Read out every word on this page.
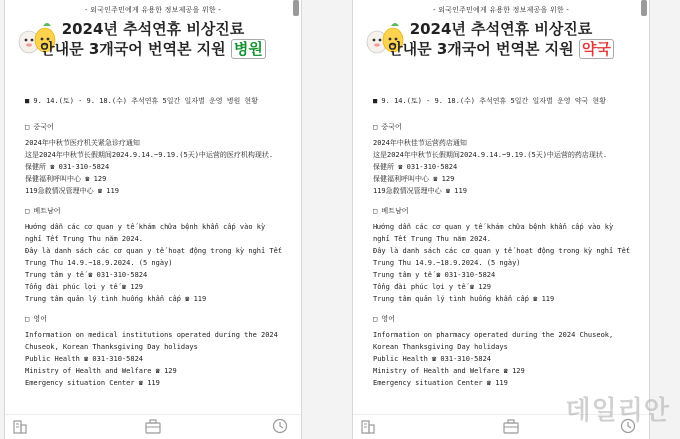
- 외국인주민에게 유용한 정보제공을 위한 -
2024년 추석연휴 비상진료
안내문 3개국어 번역본 지원 병원
■ 9. 14.(토) - 9. 18.(수) 추석연휴 5일간 일자별 운영 병원 현황
□ 중국어
2024年中秋节医疗机关紧急诊疗通知
这是2024年中秋节长假期间2024.9.14.~9.19.(5天)中运营的医疗机构现状.
保健所 ☎ 031-310-5824
保健福利呼叫中心 ☎ 129
119急救情况管理中心 ☎ 119
□ 베트남어
Hướng dẫn các cơ quan y tế khám chữa bệnh khẩn cấp vào kỳ
nghỉ Tết Trung Thu năm 2024.
Đây là danh sách các cơ quan y tế hoạt động trong kỳ nghỉ Tết
Trung Thu 14.9.~18.9.2024. (5 ngày)
Trung tâm y tế ☎ 031-310-5824
Tổng đài phúc lợi y tế ☎ 129
Trung tâm quản lý tình huống khẩn cấp ☎ 119
□ 영어
Information on medical institutions operated during the 2024
Chuseok, Korean Thanksgiving Day holidays
Public Health ☎ 031-310-5824
Ministry of Health and Welfare ☎ 129
Emergency situation Center ☎ 119
- 외국인주민에게 유용한 정보제공을 위한 -
2024년 추석연휴 비상진료
안내문 3개국어 번역본 지원 약국
■ 9. 14.(토) - 9. 18.(수) 추석연휴 5일간 일자별 운영 약국 현황
□ 중국어
2024年中秋佳节运营药店通知
这是2024年中秋节长假期间2024.9.14.~9.19.(5天)中运营的药店现状.
保健所 ☎ 031-310-5824
保健福利呼叫中心 ☎ 129
119急救情况管理中心 ☎ 119
□ 베트남어
Hướng dẫn các cơ quan y tế khám chữa bệnh khẩn cấp vào kỳ
nghỉ Tết Trung Thu năm 2024.
Đây là danh sách các cơ quan y tế hoạt động trong kỳ nghỉ Tết
Trung Thu 14.9.~18.9.2024. (5 ngày)
Trung tâm y tế ☎ 031-310-5824
Tổng đài phúc lợi y tế ☎ 129
Trung tâm quản lý tình huống khẩn cấp ☎ 119
□ 영어
Information on pharmacy operated during the 2024 Chuseok,
Korean Thanksgiving Day holidays
Public Health ☎ 031-310-5824
Ministry of Health and Welfare ☎ 129
Emergency situation Center ☎ 119
데일리안
